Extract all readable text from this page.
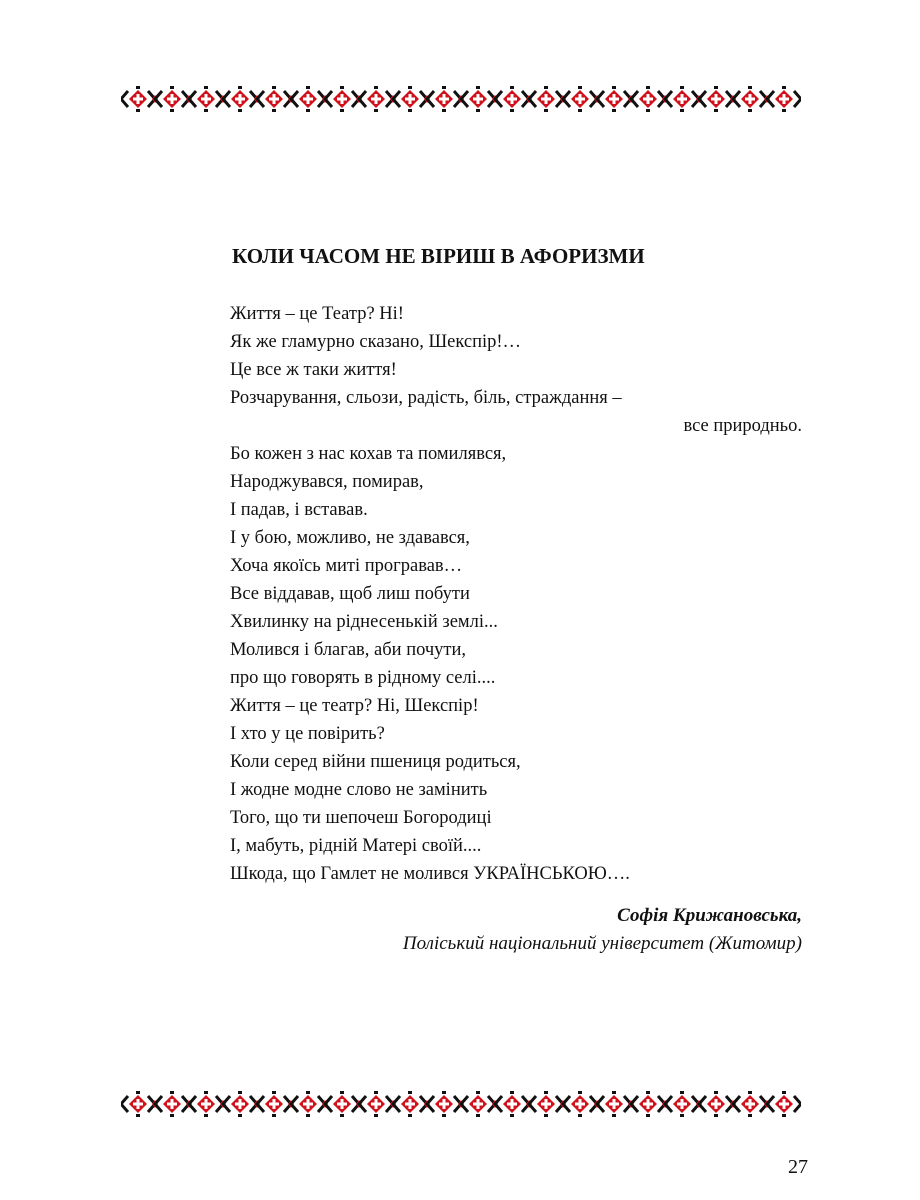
КОЛИ ЧАСОМ НЕ ВІРИШ В АФОРИЗМИ
Життя – це Театр? Ні!
Як же гламурно сказано, Шекспір!…
Це все ж таки життя!
Розчарування, сльози, радість, біль, страждання –
все природньо.
Бо кожен з нас кохав та помилявся,
Народжувався, помирав,
І падав, і вставав.
І у бою, можливо, не здавався,
Хоча якоїсь миті програвав…
Все віддавав, щоб лиш побути
Хвилинку на ріднесенькій землі...
Молився і благав, аби почути,
про що говорять в рідному селі....
Життя – це театр? Ні, Шекспір!
І хто у це повірить?
Коли серед війни пшениця родиться,
І жодне модне слово не замінить
Того, що ти шепочеш Богородиці
І, мабуть, рідній Матері своїй....
Шкода, що Гамлет не молився УКРАЇНСЬКОЮ….
Софія Крижановська,
Поліський національний університет (Житомир)
27
